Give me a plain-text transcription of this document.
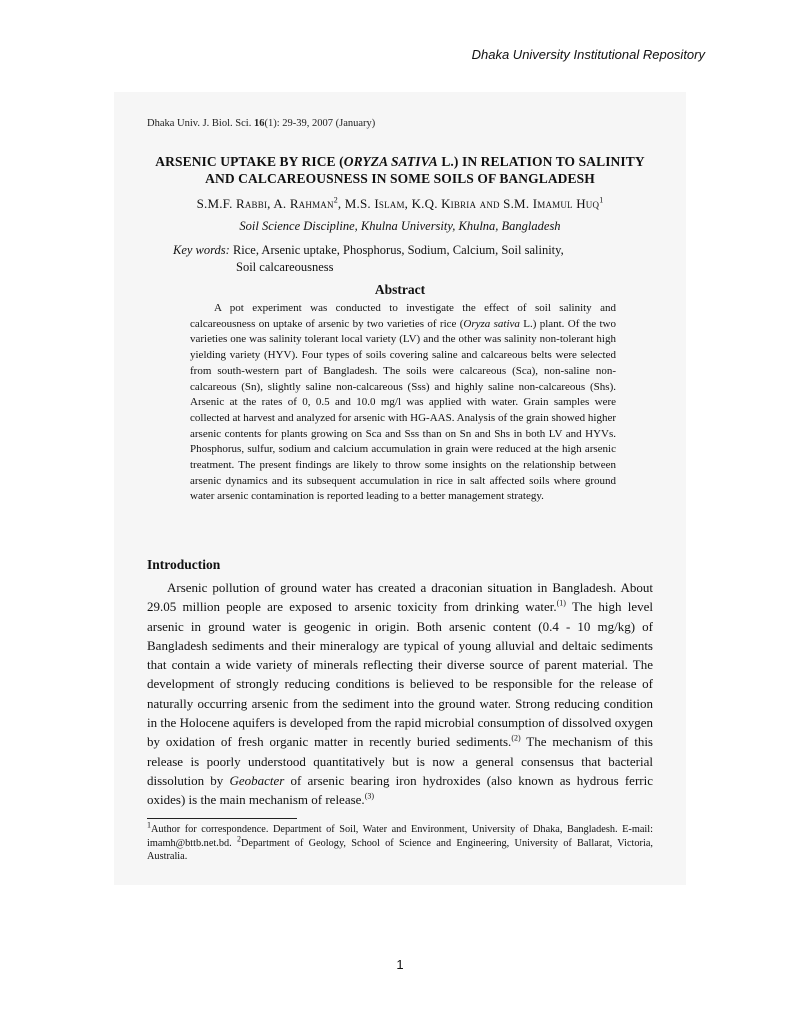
Dhaka University Institutional Repository
Dhaka Univ. J. Biol. Sci. 16(1): 29-39, 2007 (January)
ARSENIC UPTAKE BY RICE (ORYZA SATIVA L.) IN RELATION TO SALINITY AND CALCAREOUSNESS IN SOME SOILS OF BANGLADESH
S.M.F. Rabbi, A. Rahman$^2$, M.S. Islam, K.Q. Kibria and S.M. Imamul Huq$^1$
Soil Science Discipline, Khulna University, Khulna, Bangladesh
Key words: Rice, Arsenic uptake, Phosphorus, Sodium, Calcium, Soil salinity,
Soil calcareousness
Abstract
A pot experiment was conducted to investigate the effect of soil salinity and calcareousness on uptake of arsenic by two varieties of rice (Oryza sativa L.) plant. Of the two varieties one was salinity tolerant local variety (LV) and the other was salinity non-tolerant high yielding variety (HYV). Four types of soils covering saline and calcareous belts were selected from south-western part of Bangladesh. The soils were calcareous (Sca), non-saline non-calcareous (Sn), slightly saline non-calcareous (Sss) and highly saline non-calcareous (Shs). Arsenic at the rates of 0, 0.5 and 10.0 mg/l was applied with water. Grain samples were collected at harvest and analyzed for arsenic with HG-AAS. Analysis of the grain showed higher arsenic contents for plants growing on Sca and Sss than on Sn and Shs in both LV and HYVs. Phosphorus, sulfur, sodium and calcium accumulation in grain were reduced at the high arsenic treatment. The present findings are likely to throw some insights on the relationship between arsenic dynamics and its subsequent accumulation in rice in salt affected soils where ground water arsenic contamination is reported leading to a better management strategy.
Introduction
Arsenic pollution of ground water has created a draconian situation in Bangladesh. About 29.05 million people are exposed to arsenic toxicity from drinking water.$^{(1)}$ The high level arsenic in ground water is geogenic in origin. Both arsenic content (0.4 - 10 mg/kg) of Bangladesh sediments and their mineralogy are typical of young alluvial and deltaic sediments that contain a wide variety of minerals reflecting their diverse source of parent material. The development of strongly reducing conditions is believed to be responsible for the release of naturally occurring arsenic from the sediment into the ground water. Strong reducing condition in the Holocene aquifers is developed from the rapid microbial consumption of dissolved oxygen by oxidation of fresh organic matter in recently buried sediments.$^{(2)}$ The mechanism of this release is poorly understood quantitatively but is now a general consensus that bacterial dissolution by Geobacter of arsenic bearing iron hydroxides (also known as hydrous ferric oxides) is the main mechanism of release.$^{(3)}$
$^1$Author for correspondence. Department of Soil, Water and Environment, University of Dhaka, Bangladesh. E-mail: imamh@bttb.net.bd. $^2$Department of Geology, School of Science and Engineering, University of Ballarat, Victoria, Australia.
1
